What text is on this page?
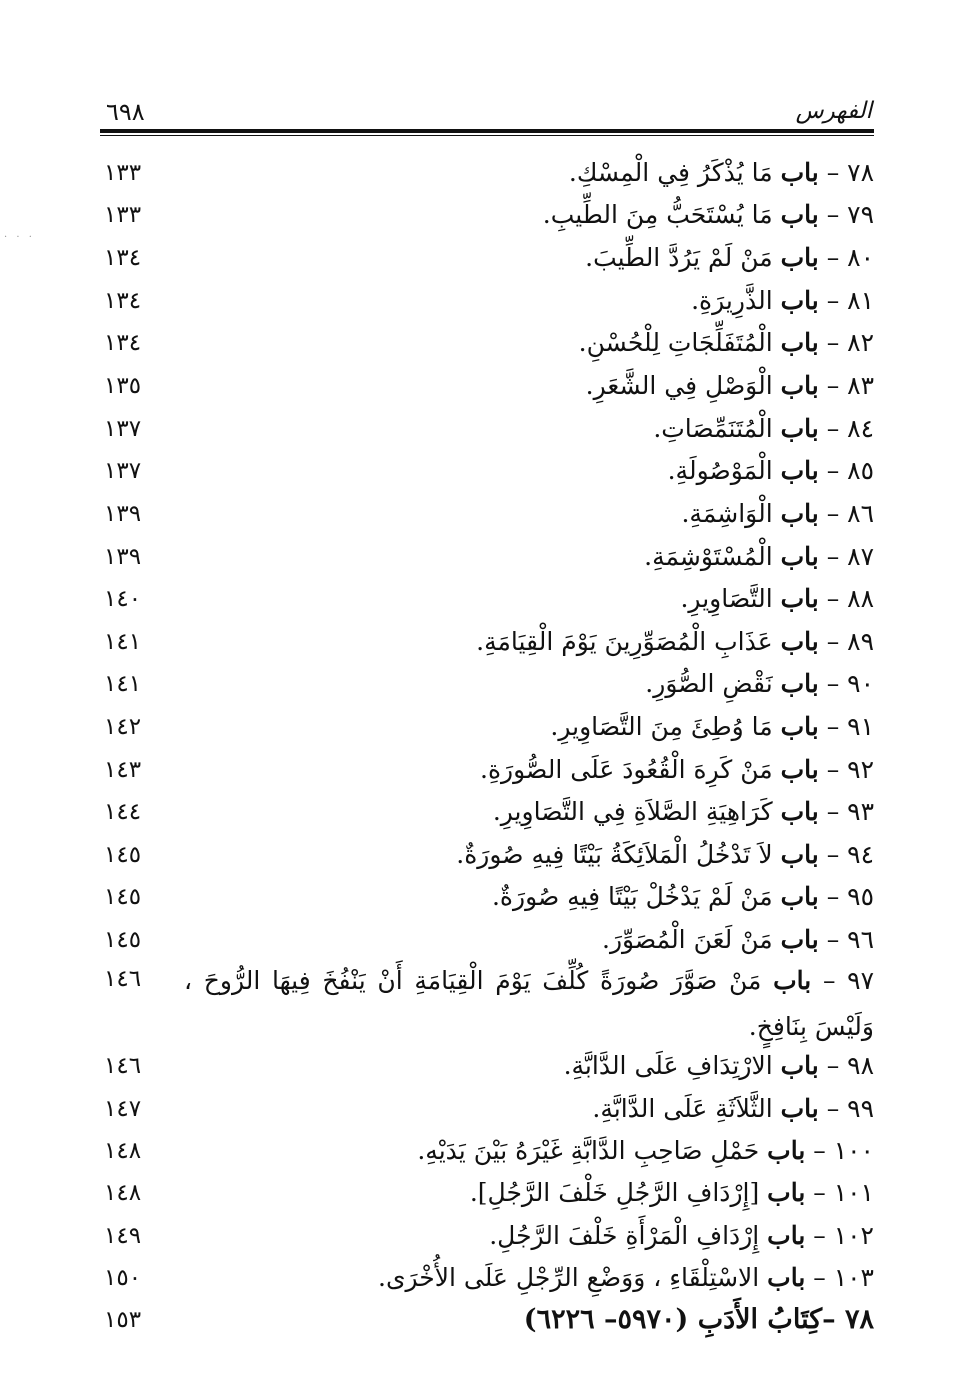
الفهرس
٦٩٨
· · ·
٧٨ – باب مَا يُذْكَرُ فِي الْمِسْكِ.
١٣٣
٧٩ – باب مَا يُسْتَحَبُّ مِنَ الطِّيبِ.
١٣٣
٨٠ – باب مَنْ لَمْ يَرُدَّ الطِّيبَ.
١٣٤
٨١ – باب الذَّرِيرَةِ.
١٣٤
٨٢ – باب الْمُتَفَلِّجَاتِ لِلْحُسْنِ.
١٣٤
٨٣ – باب الْوَصْلِ فِي الشَّعَرِ.
١٣٥
٨٤ – باب الْمُتَنَمِّصَاتِ.
١٣٧
٨٥ – باب الْمَوْصُولَةِ.
١٣٧
٨٦ – باب الْوَاشِمَةِ.
١٣٩
٨٧ – باب الْمُسْتَوْشِمَةِ.
١٣٩
٨٨ – باب التَّصَاوِيرِ.
١٤٠
٨٩ – باب عَذَابِ الْمُصَوِّرِينَ يَوْمَ الْقِيَامَةِ.
١٤١
٩٠ – باب نَقْضِ الصُّوَرِ.
١٤١
٩١ – باب مَا وُطِئَ مِنَ التَّصَاوِيرِ.
١٤٢
٩٢ – باب مَنْ كَرِهَ الْقُعُودَ عَلَى الصُّورَةِ.
١٤٣
٩٣ – باب كَرَاهِيَةِ الصَّلاَةِ فِي التَّصَاوِيرِ.
١٤٤
٩٤ – باب لاَ تَدْخُلُ الْمَلاَئِكَةُ بَيْتًا فِيهِ صُورَةٌ.
١٤٥
٩٥ – باب مَنْ لَمْ يَدْخُلْ بَيْتًا فِيهِ صُورَةٌ.
١٤٥
٩٦ – باب مَنْ لَعَنَ الْمُصَوِّرَ.
١٤٥
٩٧ – باب مَنْ صَوَّرَ صُورَةً كُلِّفَ يَوْمَ الْقِيَامَةِ أَنْ يَنْفُخَ فِيهَا الرُّوحَ ، وَلَيْسَ بِنَافِخٍ.
١٤٦
٩٨ – باب الارْتِدَافِ عَلَى الدَّابَّةِ.
١٤٦
٩٩ – باب الثَّلاَثَةِ عَلَى الدَّابَّةِ.
١٤٧
١٠٠ – باب حَمْلِ صَاحِبِ الدَّابَّةِ غَيْرَهُ بَيْنَ يَدَيْهِ.
١٤٨
١٠١ – باب [إِرْدَافِ الرَّجُلِ خَلْفَ الرَّجُلِ].
١٤٨
١٠٢ – باب إِرْدَافِ الْمَرْأَةِ خَلْفَ الرَّجُلِ.
١٤٩
١٠٣ – باب الاسْتِلْقَاءِ ، وَوَضْعِ الرِّجْلِ عَلَى الأُخْرَى.
١٥٠
٧٨ –كِتَابُ الأَدَبِ (٥٩٧٠– ٦٢٢٦)
١٥٣
